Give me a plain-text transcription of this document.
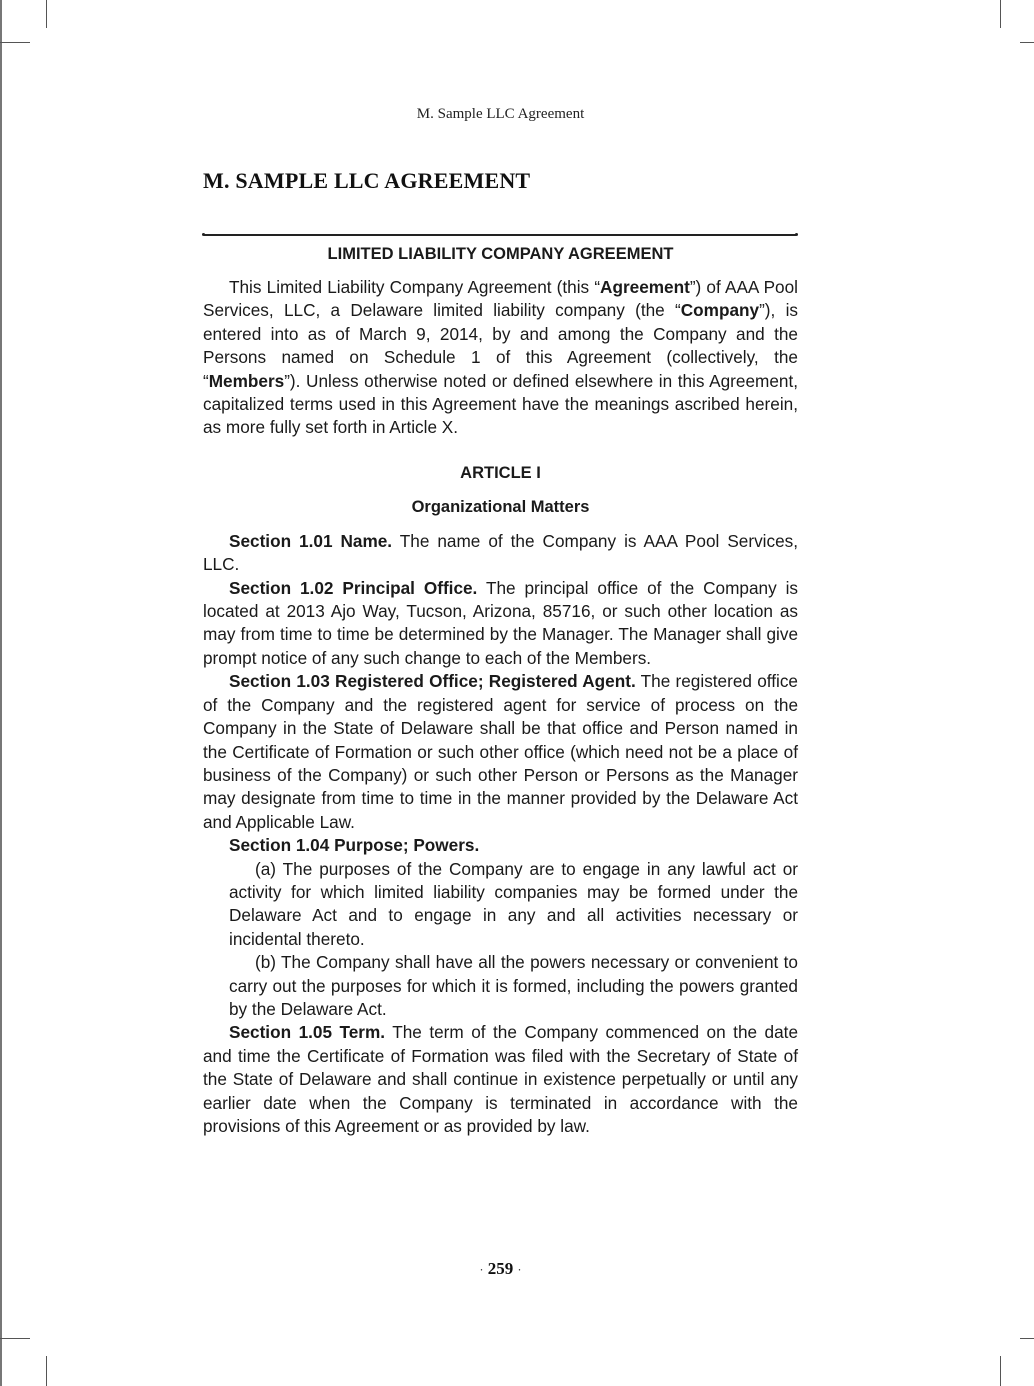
M. Sample LLC Agreement
M. SAMPLE LLC AGREEMENT
LIMITED LIABILITY COMPANY AGREEMENT

This Limited Liability Company Agreement (this “Agreement”) of AAA Pool Services, LLC, a Delaware limited liability company (the “Company”), is entered into as of March 9, 2014, by and among the Company and the Persons named on Schedule 1 of this Agreement (collectively, the “Members”). Unless otherwise noted or defined elsewhere in this Agreement, capitalized terms used in this Agreement have the meanings ascribed herein, as more fully set forth in Article X.

ARTICLE I
Organizational Matters

Section 1.01 Name. The name of the Company is AAA Pool Services, LLC.

Section 1.02 Principal Office. The principal office of the Company is located at 2013 Ajo Way, Tucson, Arizona, 85716, or such other location as may from time to time be determined by the Manager. The Manager shall give prompt notice of any such change to each of the Members.

Section 1.03 Registered Office; Registered Agent. The registered office of the Company and the registered agent for service of process on the Company in the State of Delaware shall be that office and Person named in the Certificate of Formation or such other office (which need not be a place of business of the Company) or such other Person or Persons as the Manager may designate from time to time in the manner provided by the Delaware Act and Applicable Law.

Section 1.04 Purpose; Powers.

(a) The purposes of the Company are to engage in any lawful act or activity for which limited liability companies may be formed under the Delaware Act and to engage in any and all activities necessary or incidental thereto.

(b) The Company shall have all the powers necessary or convenient to carry out the purposes for which it is formed, including the powers granted by the Delaware Act.

Section 1.05 Term. The term of the Company commenced on the date and time the Certificate of Formation was filed with the Secretary of State of the State of Delaware and shall continue in existence perpetually or until any earlier date when the Company is terminated in accordance with the provisions of this Agreement or as provided by law.

· 259 ·
